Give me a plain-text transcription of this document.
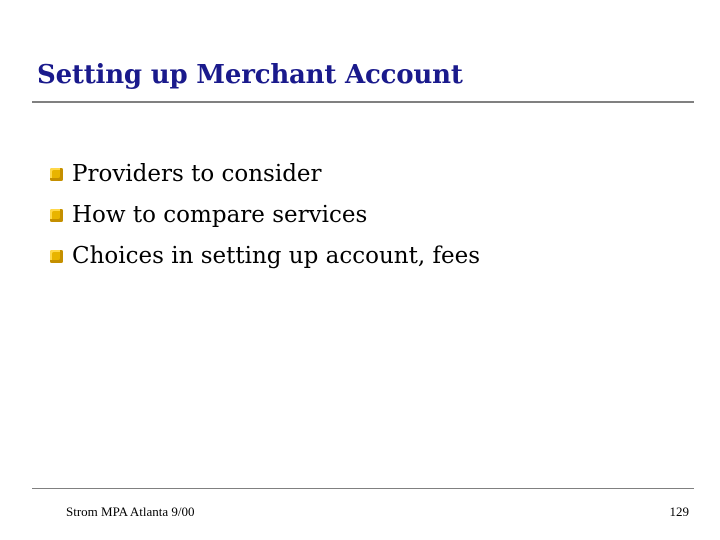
Setting up Merchant Account
Providers to consider
How to compare services
Choices in setting up account, fees
Strom MPA Atlanta 9/00	129
